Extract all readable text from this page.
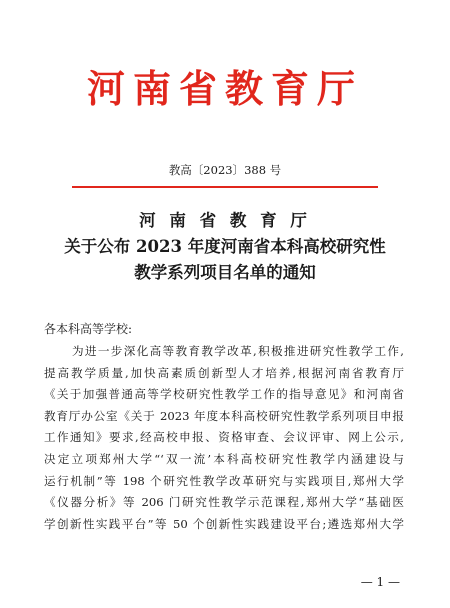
河南省教育厅
教高〔2023〕388 号
河 南 省 教 育 厅
关于公布 2023 年度河南省本科高校研究性
教学系列项目名单的通知
各本科高等学校:
为进一步深化高等教育教学改革,积极推进研究性教学工作,
提高教学质量,加快高素质创新型人才培养,根据河南省教育厅
《关于加强普通高等学校研究性教学工作的指导意见》和河南省
教育厅办公室《关于 2023 年度本科高校研究性教学系列项目申报
工作通知》要求,经高校申报、资格审查、会议评审、网上公示,
决定立项郑州大学“‘双一流’本科高校研究性教学内涵建设与
运行机制”等 198 个研究性教学改革研究与实践项目,郑州大学
《仪器分析》等 206 门研究性教学示范课程,郑州大学“基础医
学创新性实践平台”等 50 个创新性实践建设平台;遴选郑州大学
— 1 —
